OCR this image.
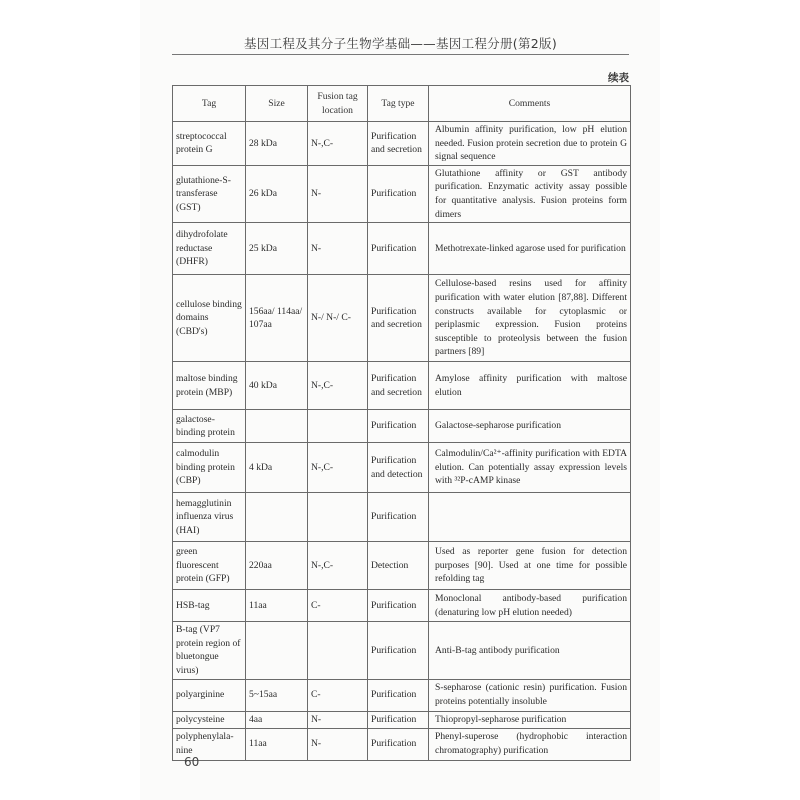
基因工程及其分子生物学基础——基因工程分册(第2版)
续表
Tag	Size	Fusion tag location	Tag type	Comments
streptococcal protein G	28 kDa	N-,C-	Purification and secretion	Albumin affinity purification, low pH elution needed. Fusion protein secretion due to protein G signal sequence
glutathione-S-transferase (GST)	26 kDa	N-	Purification	Glutathione affinity or GST antibody purification. Enzymatic activity assay possible for quantitative analysis. Fusion proteins form dimers
dihydrofolate reductase (DHFR)	25 kDa	N-	Purification	Methotrexate-linked agarose used for purification
cellulose binding domains (CBD's)	156aa/ 114aa/ 107aa	N-/ N-/ C-	Purification and secretion	Cellulose-based resins used for affinity purification with water elution [87,88]. Different constructs available for cytoplasmic or periplasmic expression. Fusion proteins susceptible to proteolysis between the fusion partners [89]
maltose binding protein (MBP)	40 kDa	N-,C-	Purification and secretion	Amylose affinity purification with maltose elution
galactose-binding protein			Purification	Galactose-sepharose purification
calmodulin binding protein (CBP)	4 kDa	N-,C-	Purification and detection	Calmodulin/Ca²⁺-affinity purification with EDTA elution. Can potentially assay expression levels with ³²P-cAMP kinase
hemagglutinin influenza virus (HAI)			Purification	
green fluorescent protein (GFP)	220aa	N-,C-	Detection	Used as reporter gene fusion for detection purposes [90]. Used at one time for possible refolding tag
HSB-tag	11aa	C-	Purification	Monoclonal antibody-based purification (denaturing low pH elution needed)
B-tag (VP7 protein region of bluetongue virus)			Purification	Anti-B-tag antibody purification
polyarginine	5~15aa	C-	Purification	S-sepharose (cationic resin) purification. Fusion proteins potentially insoluble
polycysteine	4aa	N-	Purification	Thiopropyl-sepharose purification
polyphenylala-nine	11aa	N-	Purification	Phenyl-superose (hydrophobic interaction chromatography) purification
60
